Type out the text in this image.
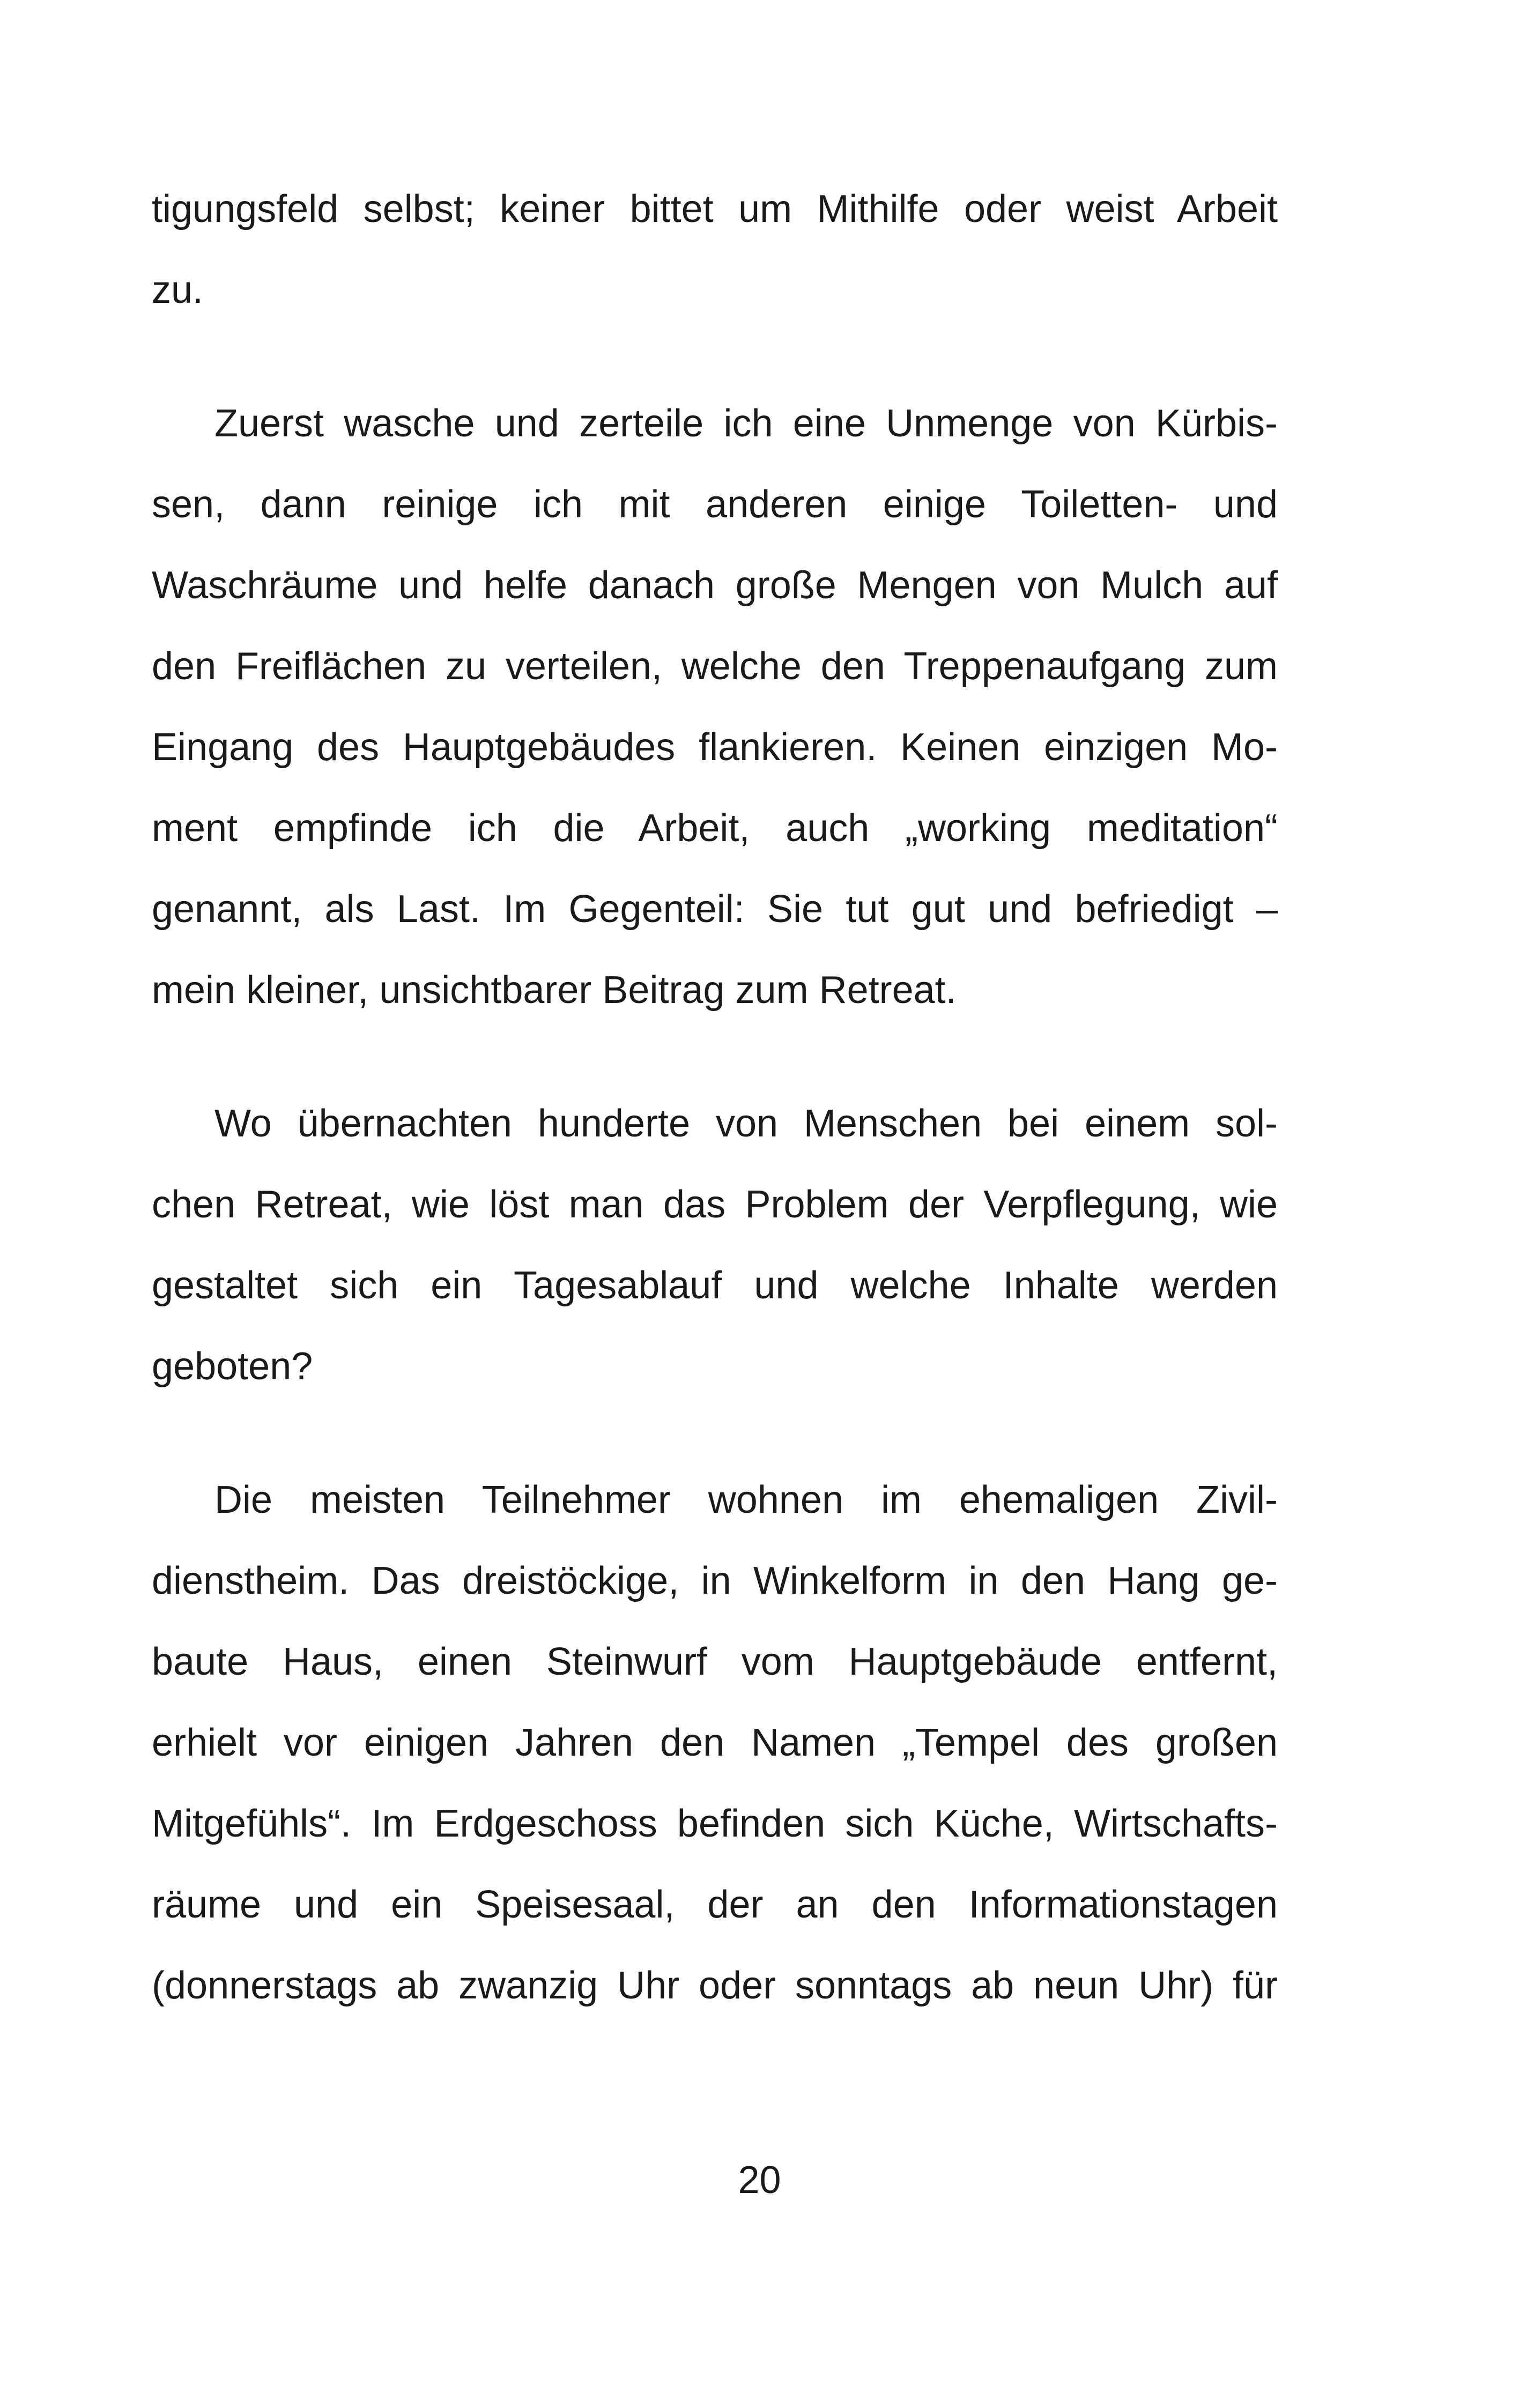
tigungsfeld selbst; keiner bittet um Mithilfe oder weist Arbeit
zu.
Zuerst wasche und zerteile ich eine Unmenge von Kürbis-
sen, dann reinige ich mit anderen einige Toiletten- und
Waschräume und helfe danach große Mengen von Mulch auf
den Freiflächen zu verteilen, welche den Treppenaufgang zum
Eingang des Hauptgebäudes flankieren. Keinen einzigen Mo-
ment empfinde ich die Arbeit, auch „working meditation“
genannt, als Last. Im Gegenteil: Sie tut gut und befriedigt –
mein kleiner, unsichtbarer Beitrag zum Retreat.
Wo übernachten hunderte von Menschen bei einem sol-
chen Retreat, wie löst man das Problem der Verpflegung, wie
gestaltet sich ein Tagesablauf und welche Inhalte werden
geboten?
Die meisten Teilnehmer wohnen im ehemaligen Zivil-
dienstheim. Das dreistöckige, in Winkelform in den Hang ge-
baute Haus, einen Steinwurf vom Hauptgebäude entfernt,
erhielt vor einigen Jahren den Namen „Tempel des großen
Mitgefühls“. Im Erdgeschoss befinden sich Küche, Wirtschafts-
räume und ein Speisesaal, der an den Informationstagen
(donnerstags ab zwanzig Uhr oder sonntags ab neun Uhr) für
20
